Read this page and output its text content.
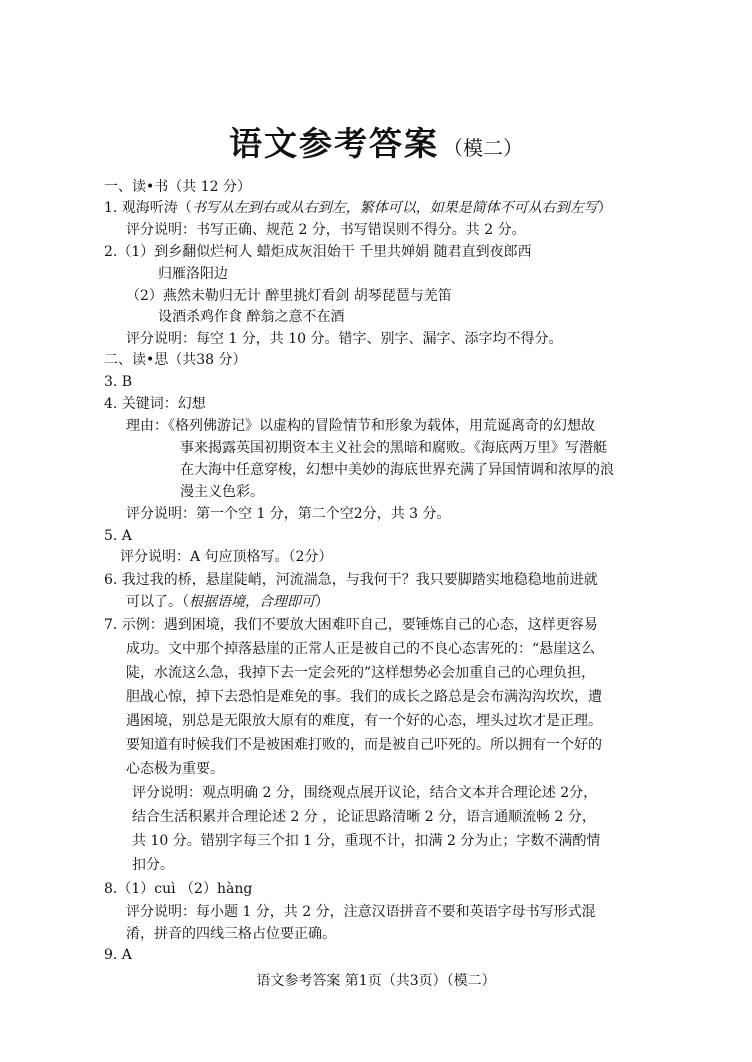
语文参考答案 （模二）
一、读•书（共 12 分）
1. 观海听涛（书写从左到右或从右到左，繁体可以，如果是简体不可从右到左写）
评分说明：书写正确、规范 2 分，书写错误则不得分。共 2 分。
2.（1）到乡翻似烂柯人 蜡炬成灰泪始干 千里共婵娟 随君直到夜郎西
归雁洛阳边
（2）燕然未勒归无计 醉里挑灯看剑 胡琴琵琶与羌笛
设酒杀鸡作食 醉翁之意不在酒
评分说明：每空 1 分，共 10 分。错字、别字、漏字、添字均不得分。
二、读•思（共38 分）
3. B
4. 关键词：幻想
理由：《格列佛游记》以虚构的冒险情节和形象为载体，用荒诞离奇的幻想故
事来揭露英国初期资本主义社会的黑暗和腐败。《海底两万里》写潜艇
在大海中任意穿梭，幻想中美妙的海底世界充满了异国情调和浓厚的浪
漫主义色彩。
评分说明：第一个空 1 分，第二个空2分，共 3 分。
5. A
评分说明：A 句应顶格写。（2分）
6. 我过我的桥，悬崖陡峭，河流湍急，与我何干？我只要脚踏实地稳稳地前进就
可以了。（根据语境，合理即可）
7. 示例：遇到困境，我们不要放大困难吓自己，要锤炼自己的心态，这样更容易
成功。文中那个掉落悬崖的正常人正是被自己的不良心态害死的：“悬崖这么
陡，水流这么急，我掉下去一定会死的”这样想势必会加重自己的心理负担，
胆战心惊，掉下去恐怕是难免的事。我们的成长之路总是会布满沟沟坎坎，遭
遇困境，别总是无限放大原有的难度，有一个好的心态，埋头过坎才是正理。
要知道有时候我们不是被困难打败的，而是被自己吓死的。所以拥有一个好的
心态极为重要。
评分说明：观点明确 2 分，围绕观点展开议论，结合文本并合理论述 2分，
结合生活积累并合理论述 2 分 ，论证思路清晰 2 分，语言通顺流畅 2 分，
共 10 分。错别字每三个扣 1 分，重现不计，扣满 2 分为止；字数不满酌情
扣分。
8.（1）cuì （2）hàng
评分说明：每小题 1 分，共 2 分，注意汉语拼音不要和英语字母书写形式混
淆，拼音的四线三格占位要正确。
9. A
语文参考答案 第1页（共3页）（模二）
